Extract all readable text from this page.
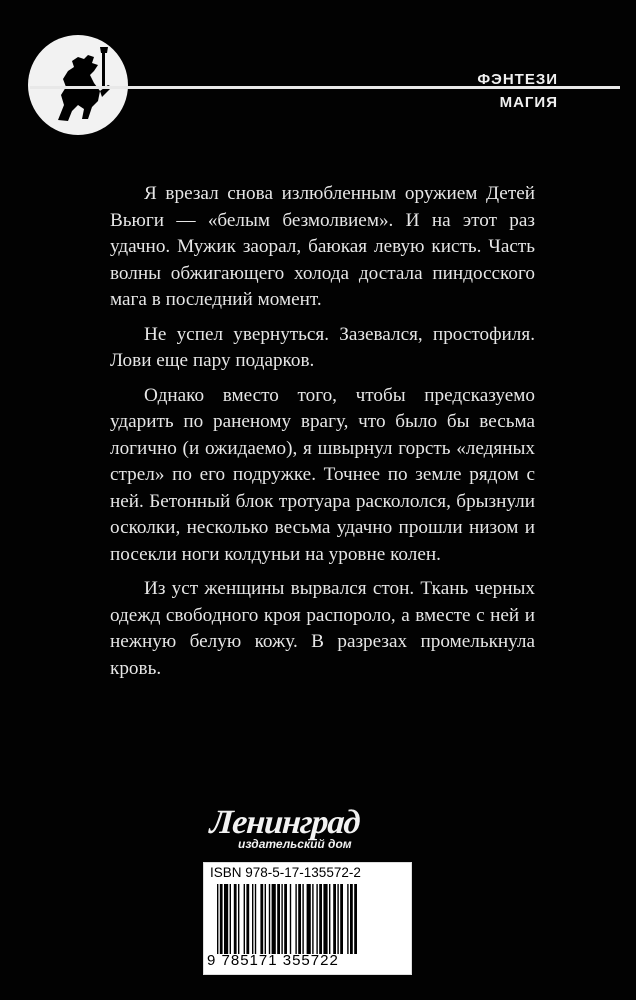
ФЭНТЕЗИ
МАГИЯ

Я врезал снова излюбленным оружием Детей Вьюги — «белым безмолвием». И на этот раз удачно. Мужик заорал, баюкая левую кисть. Часть волны обжигающего холода достала пиндосского мага в последний момент.

Не успел увернуться. Зазевался, простофиля. Лови еще пару подарков.

Однако вместо того, чтобы предсказуемо ударить по раненому врагу, что было бы весьма логично (и ожидаемо), я швырнул горсть «ледяных стрел» по его подружке. Точнее по земле рядом с ней. Бетонный блок тротуара раскололся, брызнули осколки, несколько весьма удачно прошли низом и посекли ноги колдуньи на уровне колен.

Из уст женщины вырвался стон. Ткань черных одежд свободного кроя распороло, а вместе с ней и нежную белую кожу. В разрезах промелькнула кровь.

Ленинград
издательский дом
ISBN 978-5-17-135572-2
9 785171 355722
